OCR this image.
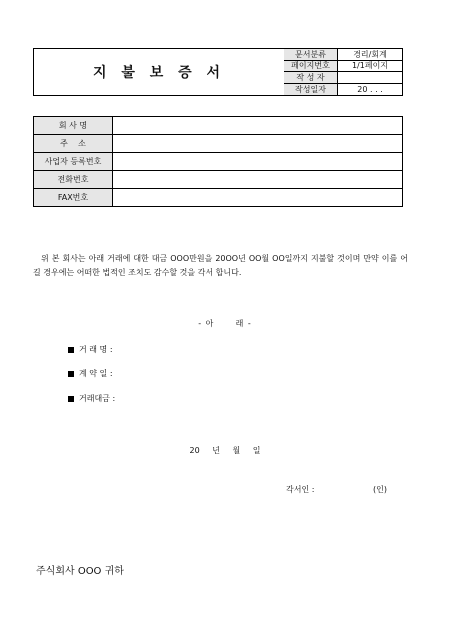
지 불 보 증 서
문서분류	경리/회계
페이지번호	1/1페이지
작 성 자
작성일자	20 . . .
회 사 명	
주    소	
사업자 등록번호	
전화번호	
FAX번호	
위 본 회사는 아래 거래에 대한 대금 OOO만원을 20OO년 OO월 OO일까지 지불할 것이며 만약 이를 어길 경우에는 어떠한 법적인 조치도 감수할 것을 각서 합니다.
- 아      래 -
거 래 명 :
계 약 일 :
거래대금 :
20 년 월 일
각서인 :	(인)
주식회사 OOO 귀하
